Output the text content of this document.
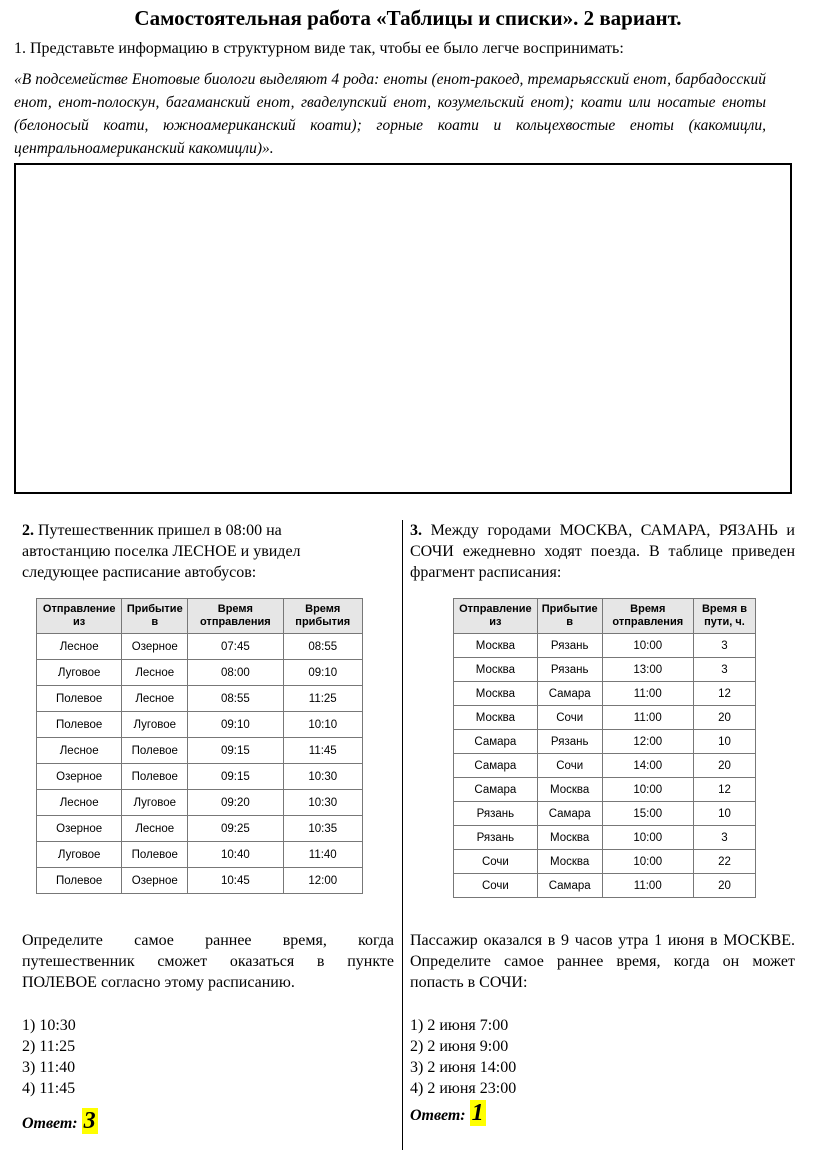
Самостоятельная работа «Таблицы и списки». 2 вариант.
1. Представьте информацию в структурном виде так, чтобы ее было легче воспринимать:
«В подсемействе Енотовые биологи выделяют 4 рода: еноты (енот-ракоед, тремарьясский енот, барбадосский енот, енот-полоскун, багаманский енот, гваделупский енот, козумельский енот); коати или носатые еноты (белоносый коати, южноамериканский коати); горные коати и кольцехвостые еноты (какомицли, центральноамериканский какомицли)».
2. Путешественник пришел в 08:00 на автостанцию поселка ЛЕСНОЕ и увидел следующее расписание автобусов:
Отправление из	Прибытие в	Время отправления	Время прибытия
Лесное	Озерное	07:45	08:55
Луговое	Лесное	08:00	09:10
Полевое	Лесное	08:55	11:25
Полевое	Луговое	09:10	10:10
Лесное	Полевое	09:15	11:45
Озерное	Полевое	09:15	10:30
Лесное	Луговое	09:20	10:30
Озерное	Лесное	09:25	10:35
Луговое	Полевое	10:40	11:40
Полевое	Озерное	10:45	12:00
3. Между городами МОСКВА, САМАРА, РЯЗАНЬ и СОЧИ ежедневно ходят поезда. В таблице приведен фрагмент расписания:
Отправление из	Прибытие в	Время отправления	Время в пути, ч.
Москва	Рязань	10:00	3
Москва	Рязань	13:00	3
Москва	Самара	11:00	12
Москва	Сочи	11:00	20
Самара	Рязань	12:00	10
Самара	Сочи	14:00	20
Самара	Москва	10:00	12
Рязань	Самара	15:00	10
Рязань	Москва	10:00	3
Сочи	Москва	10:00	22
Сочи	Самара	11:00	20
Определите самое раннее время, когда путешественник сможет оказаться в пункте ПОЛЕВОЕ согласно этому расписанию.
Пассажир оказался в 9 часов утра 1 июня в МОСКВЕ. Определите самое раннее время, когда он может попасть в СОЧИ:
1) 10:30
2) 11:25
3) 11:40
4) 11:45
1) 2 июня 7:00
2) 2 июня 9:00
3) 2 июня 14:00
4) 2 июня 23:00
Ответ: 3	Ответ: 1
